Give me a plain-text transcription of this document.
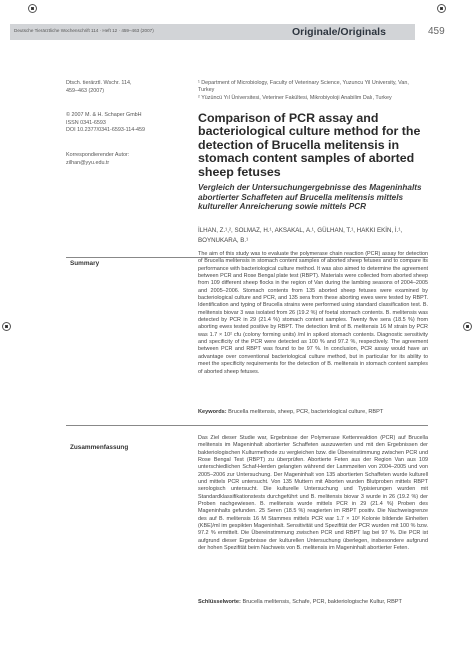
Deutsche Tierärztliche Wochenschrift 114 · Heft 12 · 459–463 (2007)	Originale/Originals	459

Dtsch. tierärztl. Wschr. 114,

459–463 (2007)

© 2007 M. & H. Schaper GmbH

ISSN 0341-6593

DOI 10.2377/0341-6593-114-459

Korrespondierender Autor:

zilhan@yyu.edu.tr

¹ Department of Microbiology, Faculty of Veterinary Science, Yuzuncu Yil University, Van, Turkey

² Yüzüncü Yıl Üniversitesi, Veteriner Fakültesi, Mikrobiyoloji Anabilim Dalı, Turkey

Comparison of PCR assay and bacteriological culture method for the detection of Brucella melitensis in stomach content samples of aborted sheep fetuses
Vergleich der Untersuchungergebnisse des Mageninhalts abortierter Schaffeten auf Brucella melitensis mittels kultureller Anreicherung sowie mittels PCR
İLHAN, Z.¹,², SOLMAZ, H.¹, AKSAKAL, A.¹, GÜLHAN, T.¹, HAKKI EKİN, İ.¹, BOYNUKARA, B.¹
Summary

The aim of this study was to evaluate the polymerase chain reaction (PCR) assay for detection of Brucella melitensis in stomach content samples of aborted sheep fetuses and to compare its performance with bacteriological culture method. It was also aimed to determine the agreement between PCR and Rose Bengal plate test (RBPT). Materials were collected from aborted sheep from 109 different sheep flocks in the region of Van during the lambing seasons of 2004–2005 and 2005–2006. Stomach contents from 135 aborted sheep fetuses were examined by bacteriological culture and PCR, and 135 sera from these aborting ewes were tested by RBPT. Identification and typing of Brucella strains were performed using standard classification test. B. melitensis biovar 3 was isolated from 26 (19.2 %) of foetal stomach contents. B. melitensis was detected by PCR in 29 (21.4 %) stomach content samples. Twenty five sera (18.5 %) from aborting ewes tested positive by RBPT. The detection limit of B. melitensis 16 M strain by PCR was 1.7 × 10² cfu (colony forming units) /ml in spiked stomach contents. Diagnostic sensitivity and specificity of the PCR were detected as 100 % and 97.2 %, respectively. The agreement between PCR and RBPT was found to be 97 %. In conclusion, PCR assay would have an advantage over conventional bacteriological culture method, but in particular for its ability to meet the specificity requirements for the detection of B. melitensis in stomach content samples of aborted sheep fetuses.

Keywords: Brucella melitensis, sheep, PCR, bacteriological culture, RBPT

Zusammenfassung

Das Ziel dieser Studie war, Ergebnisse der Polymerase Kettenreaktion (PCR) auf Brucella melitensis im Mageninhalt abortierter Schaffeten auszuwerten und mit den Ergebnissen der bakteriologischen Kulturmethode zu vergleichen bzw. die Übereinstimmung zwischen PCR und Rose Bengal Test (RBPT) zu überprüfen. Abortierte Feten aus der Region Van aus 109 unterschiedlichen Schaf-Herden gelangten während der Lammzeiten von 2004–2005 und von 2005–2006 zur Untersuchung. Der Mageninhalt von 135 abortierten Schaffeten wurde kulturell und mittels PCR untersucht. Von 135 Muttern mit Aborten wurden Blutproben mittels RBPT serologisch untersucht. Die kulturelle Untersuchung und Typisierungen wurden mit Standardklassifikationstests durchgeführt und B. melitensis biovar 3 wurde in 26 (19.2 %) der Proben nachgewiesen. B. melitensis wurde mittels PCR in 29 (21.4 %) Proben des Mageninhalts gefunden. 25 Seren (18.5 %) reagierten im RBPT positiv. Die Nachweisgrenze des auf B. melitensis 16 M Stammes mittels PCR war 1.7 × 10² Kolonie bildende Einheiten (KBE)/ml im gespikten Mageninhalt. Sensitivität und Spezifität der PCR wurden mit 100 % bzw. 97.2 % ermittelt. Die Übereinstimmung zwischen PCR und RBPT lag bei 97 %. Die PCR ist aufgrund dieser Ergebnisse der kulturellen Untersuchung überlegen, insbesondere aufgrund der hohen Spezifität beim Nachweis von B. melitensis im Mageninhalt abortierter Feten.

Schlüsselworte: Brucella melitensis, Schafe, PCR, bakteriologische Kultur, RBPT
